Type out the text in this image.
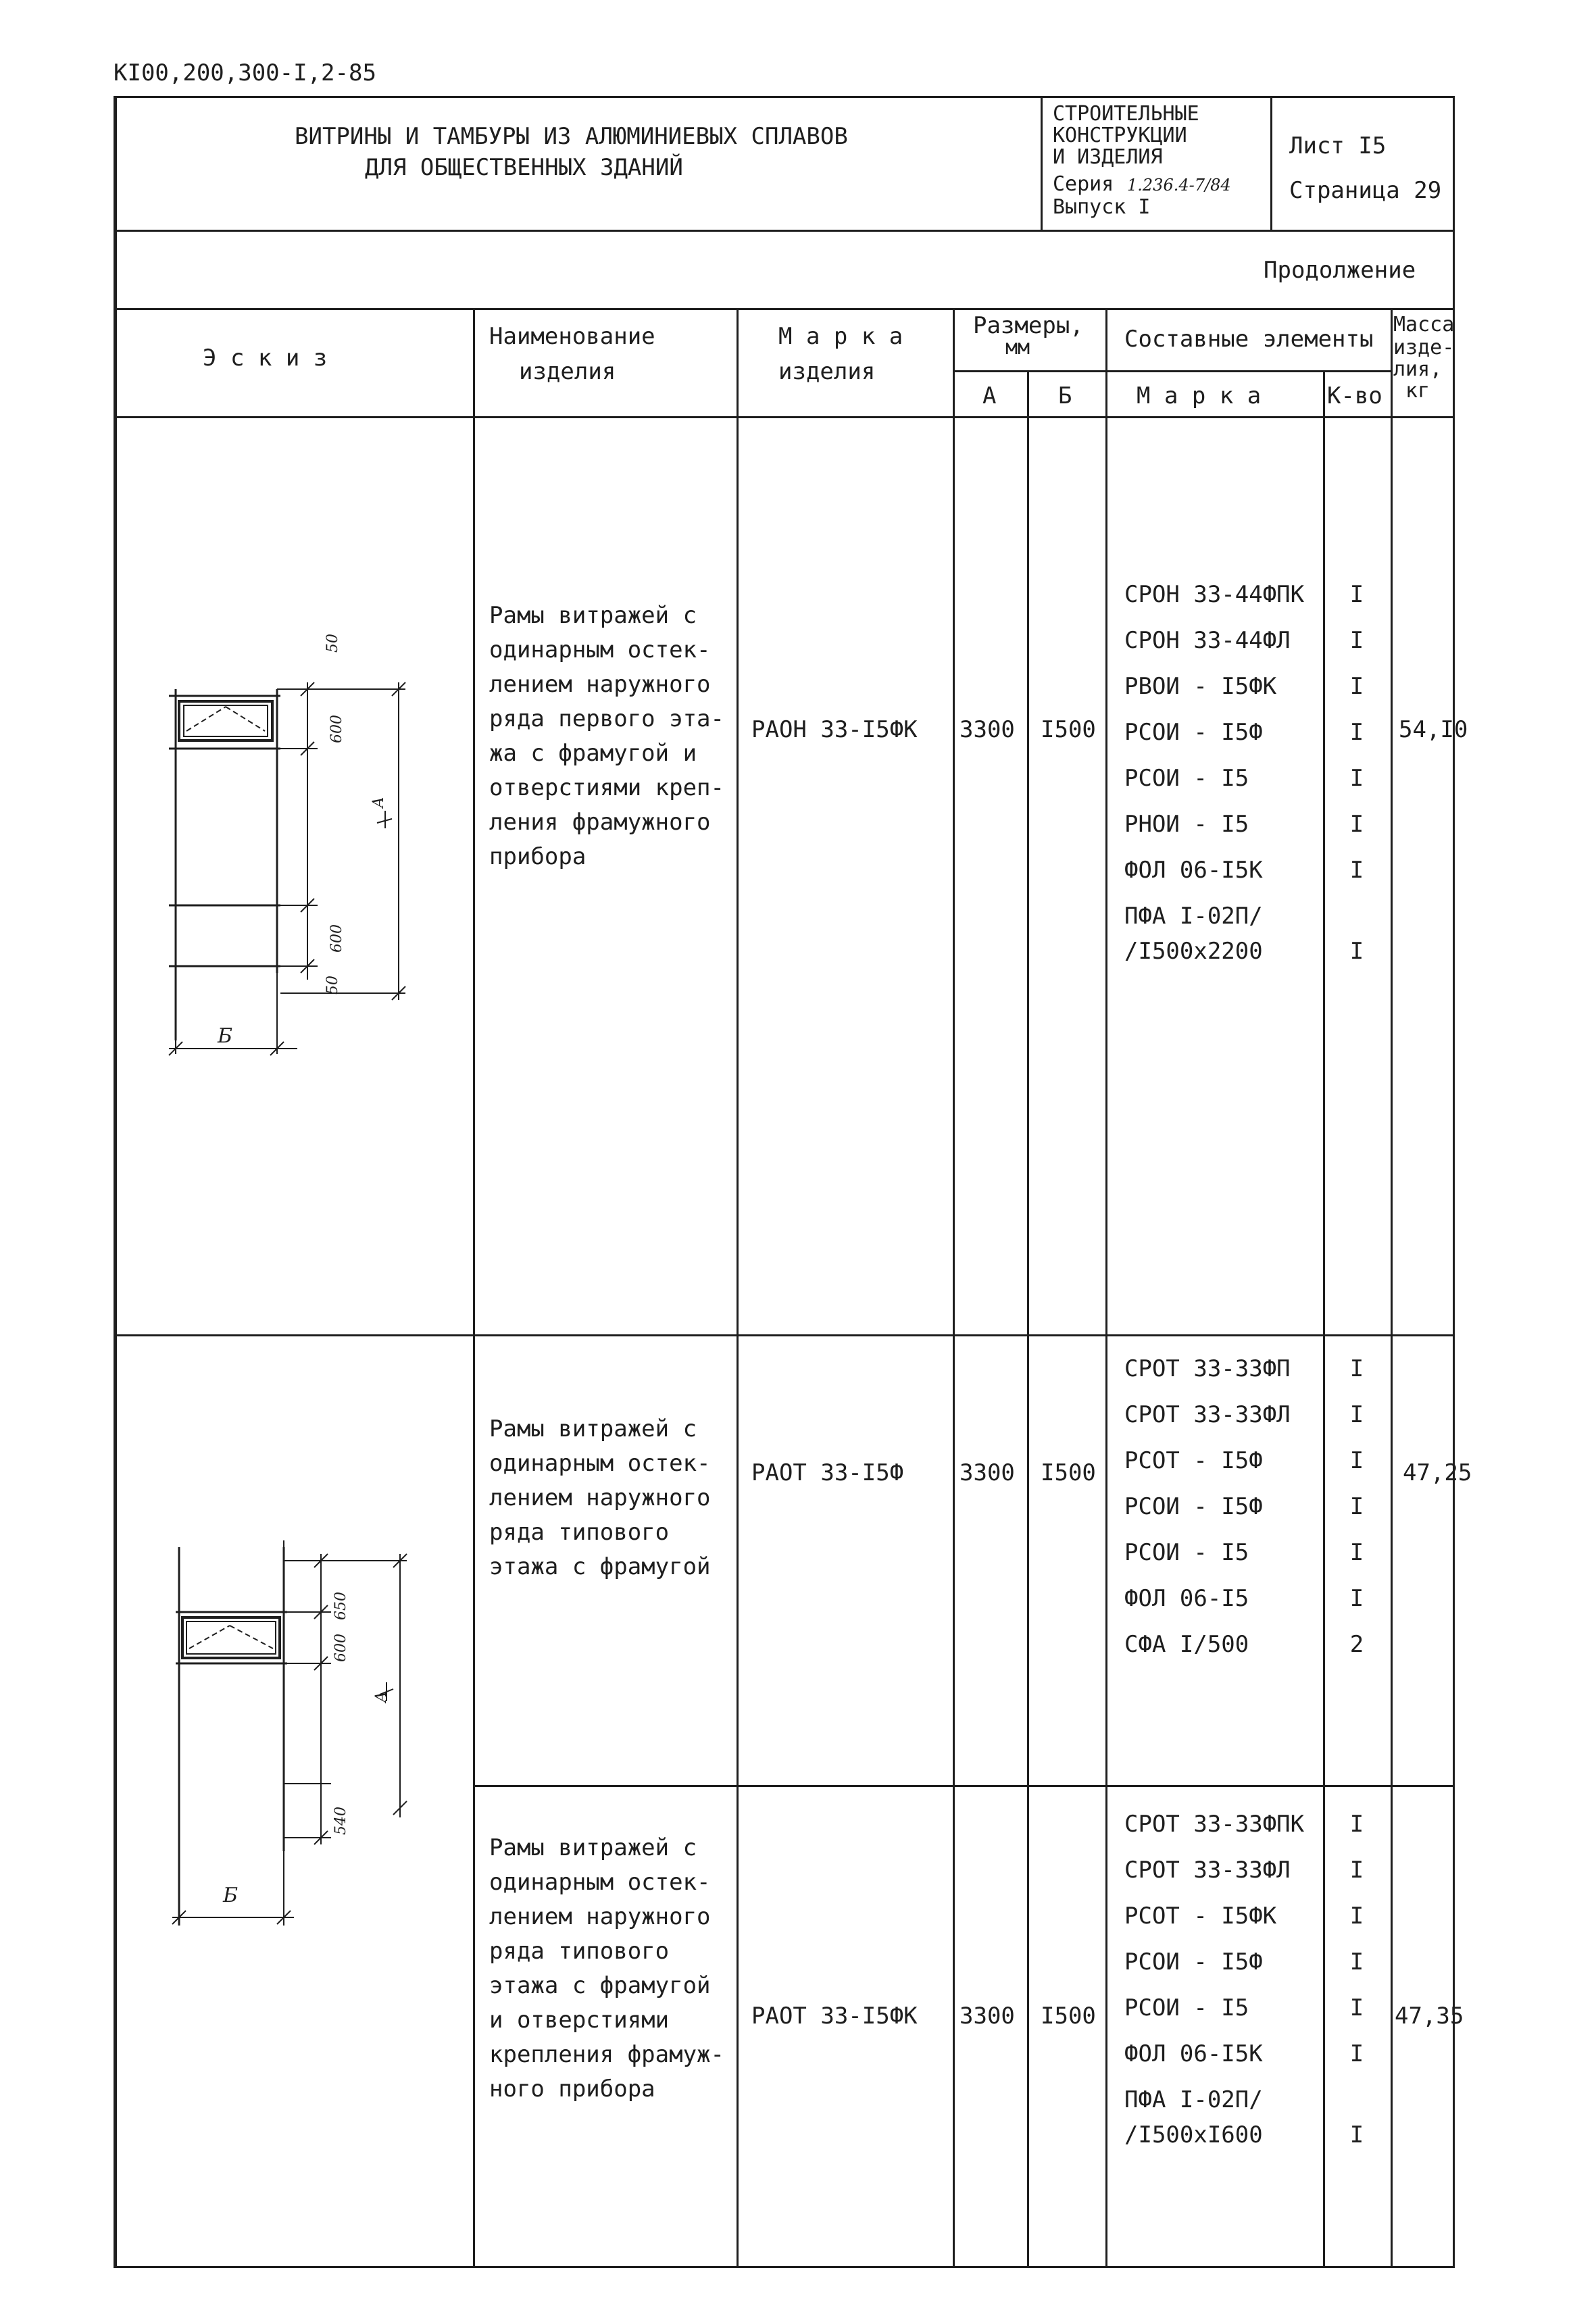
КI00,200,300-I,2-85
ВИТРИНЫ И ТАМБУРЫ ИЗ АЛЮМИНИЕВЫХ СПЛАВОВ
ДЛЯ ОБЩЕСТВЕННЫХ ЗДАНИЙ
СТРОИТЕЛЬНЫЕ
КОНСТРУКЦИИ
И ИЗДЕЛИЯ
Серия 1.236.4-7/84
Выпуск I
Лист I5
Страница 29
Продолжение
Э с к и з
Наименование
изделия
М а р к а
изделия
Размеры,
мм
А	Б
Составные элементы
М а р к а	К-во
Масса
изде-
лия,
кг
Рамы витражей с
одинарным остек-
лением наружного
ряда первого эта-
жа с фрамугой и
отверстиями креп-
ления фрамужного
прибора
РАОН 33-I5ФК 3300 I500
СРОН 33-44ФПК
СРОН 33-44ФЛ
РВОИ - I5ФК
РСОИ - I5Ф
РСОИ - I5
РНОИ - I5
ФОЛ 06-I5К
ПФА I-02П/
/I500x2200
I
I
I
I
I
I
I
I
54,I0
50
600
600
50
А
Б
Рамы витражей с
одинарным остек-
лением наружного
ряда типового
этажа с фрамугой
РАОТ 33-I5Ф 3300 I500
СРОТ 33-33ФП
СРОТ 33-33ФЛ
РСОТ - I5Ф
РСОИ - I5Ф
РСОИ - I5
ФОЛ 06-I5
СФА I/500
I
I
I
I
I
I
2
47,25
650
600
540
А
Б
Рамы витражей с
одинарным остек-
лением наружного
ряда типового
этажа с фрамугой
и отверстиями
крепления фрамуж-
ного прибора
РАОТ 33-I5ФК 3300 I500
СРОТ 33-33ФПК
СРОТ 33-33ФЛ
РСОТ - I5ФК
РСОИ - I5Ф
РСОИ - I5
ФОЛ 06-I5К
ПФА I-02П/
/I500xI600
I
I
I
I
I
I
I
47,35
